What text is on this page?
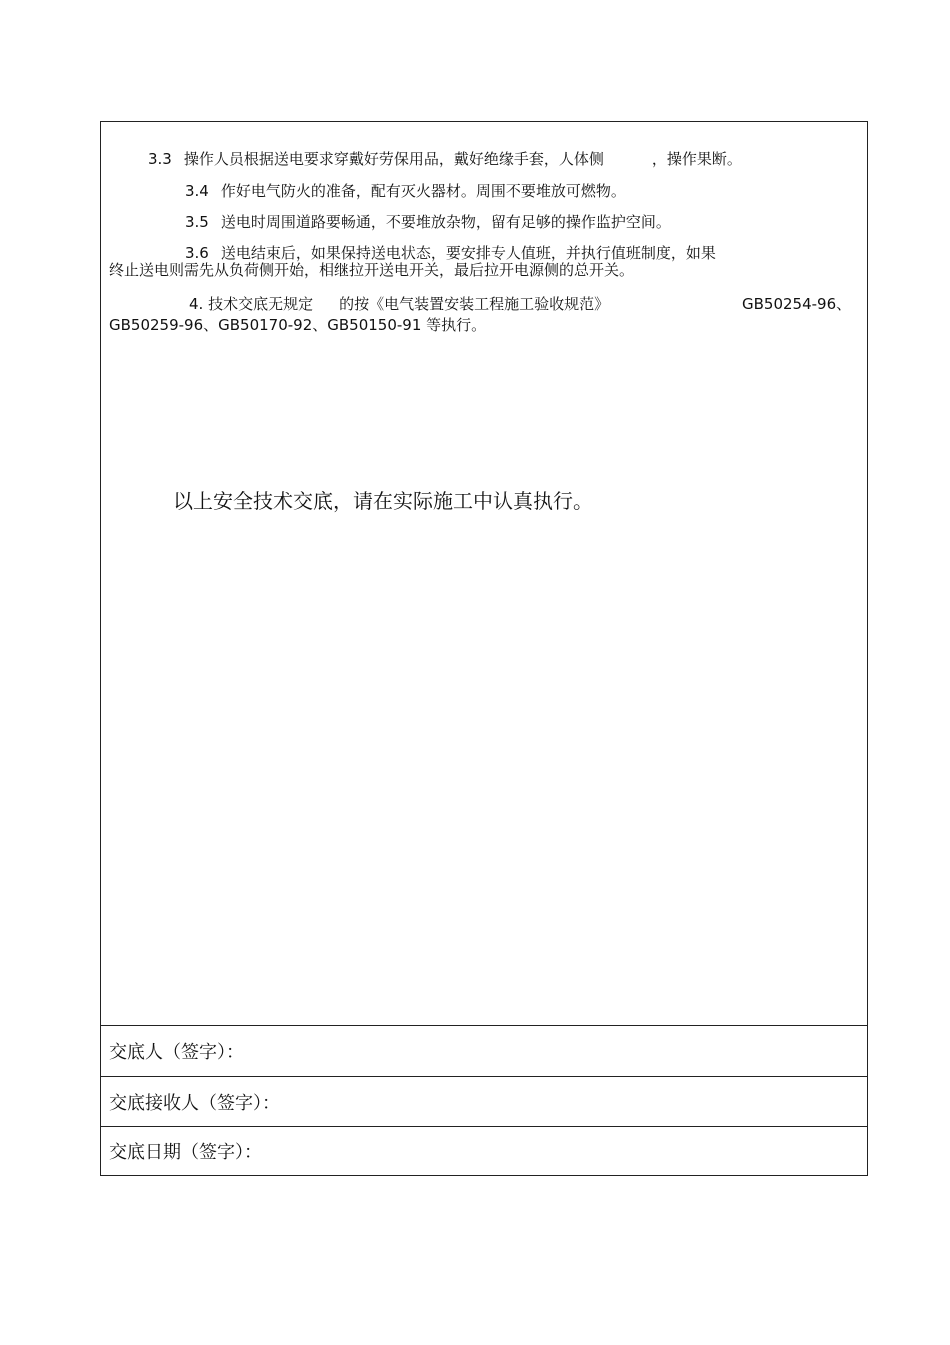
3.3 操作人员根据送电要求穿戴好劳保用品，戴好绝缘手套，人体侧	，操作果断。
3.4 作好电气防火的准备，配有灭火器材。周围不要堆放可燃物。
3.5 送电时周围道路要畅通，不要堆放杂物，留有足够的操作监护空间。
3.6 送电结束后，如果保持送电状态，要安排专人值班，并执行值班制度，如果
终止送电则需先从负荷侧开始，相继拉开送电开关，最后拉开电源侧的总开关。
4. 技术交底无规定 的按《电气装置安装工程施工验收规范》	GB50254-96、
GB50259-96、GB50170-92、GB50150-91 等执行。
以上安全技术交底，请在实际施工中认真执行。
交底人（签字）：
交底接收人（签字）：
交底日期（签字）：
